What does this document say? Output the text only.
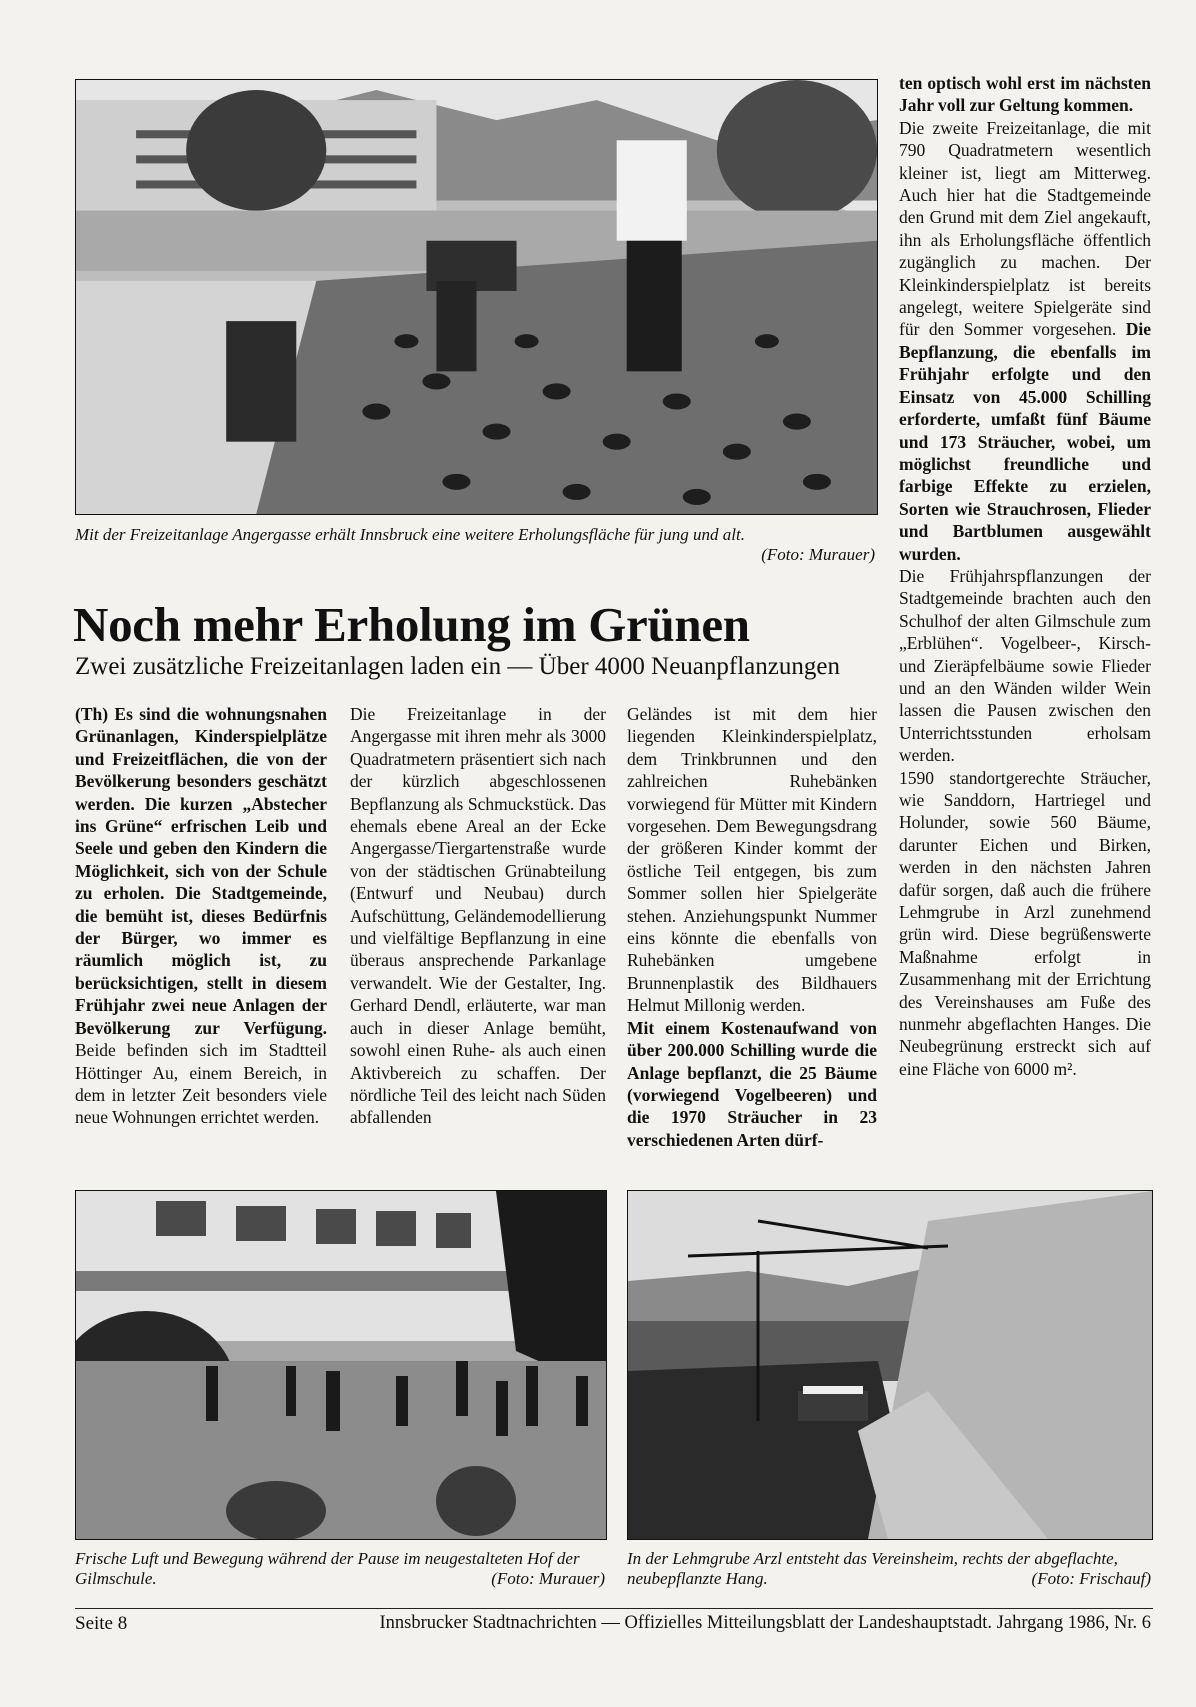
Mit der Freizeitanlage Angergasse erhält Innsbruck eine weitere Erholungsfläche für jung und alt.
(Foto: Murauer)
Noch mehr Erholung im Grünen
Zwei zusätzliche Freizeitanlagen laden ein — Über 4000 Neuanpflanzungen

(Th) Es sind die wohnungsnahen Grünanlagen, Kinderspielplätze und Freizeitflächen, die von der Bevölkerung besonders geschätzt werden. Die kurzen „Abstecher ins Grüne“ erfrischen Leib und Seele und geben den Kindern die Möglichkeit, sich von der Schule zu erholen. Die Stadtgemeinde, die bemüht ist, dieses Bedürfnis der Bürger, wo immer es räumlich möglich ist, zu berücksichtigen, stellt in diesem Frühjahr zwei neue Anlagen der Bevölkerung zur Verfügung. Beide befinden sich im Stadtteil Höttinger Au, einem Bereich, in dem in letzter Zeit besonders viele neue Wohnungen errichtet werden.

Die Freizeitanlage in der Angergasse mit ihren mehr als 3000 Quadratmetern präsentiert sich nach der kürzlich abgeschlossenen Bepflanzung als Schmuckstück. Das ehemals ebene Areal an der Ecke Angergasse/Tiergartenstraße wurde von der städtischen Grünabteilung (Entwurf und Neubau) durch Aufschüttung, Geländemodellierung und vielfältige Bepflanzung in eine überaus ansprechende Parkanlage verwandelt. Wie der Gestalter, Ing. Gerhard Dendl, erläuterte, war man auch in dieser Anlage bemüht, sowohl einen Ruhe- als auch einen Aktivbereich zu schaffen. Der nördliche Teil des leicht nach Süden abfallenden

Geländes ist mit dem hier liegenden Kleinkinderspielplatz, dem Trinkbrunnen und den zahlreichen Ruhebänken vorwiegend für Mütter mit Kindern vorgesehen. Dem Bewegungsdrang der größeren Kinder kommt der östliche Teil entgegen, bis zum Sommer sollen hier Spielgeräte stehen. Anziehungspunkt Nummer eins könnte die ebenfalls von Ruhebänken umgebene Brunnenplastik des Bildhauers Helmut Millonig werden.

Mit einem Kostenaufwand von über 200.000 Schilling wurde die Anlage bepflanzt, die 25 Bäume (vorwiegend Vogelbeeren) und die 1970 Sträucher in 23 verschiedenen Arten dürf-

ten optisch wohl erst im nächsten Jahr voll zur Geltung kommen.

Die zweite Freizeitanlage, die mit 790 Quadratmetern wesentlich kleiner ist, liegt am Mitterweg. Auch hier hat die Stadtgemeinde den Grund mit dem Ziel angekauft, ihn als Erholungsfläche öffentlich zugänglich zu machen. Der Kleinkinderspielplatz ist bereits angelegt, weitere Spielgeräte sind für den Sommer vorgesehen. Die Bepflanzung, die ebenfalls im Frühjahr erfolgte und den Einsatz von 45.000 Schilling erforderte, umfaßt fünf Bäume und 173 Sträucher, wobei, um möglichst freundliche und farbige Effekte zu erzielen, Sorten wie Strauchrosen, Flieder und Bartblumen ausgewählt wurden.

Die Frühjahrspflanzungen der Stadtgemeinde brachten auch den Schulhof der alten Gilmschule zum „Erblühen“. Vogelbeer-, Kirsch- und Zieräpfelbäume sowie Flieder und an den Wänden wilder Wein lassen die Pausen zwischen den Unterrichtsstunden erholsam werden.

1590 standortgerechte Sträucher, wie Sanddorn, Hartriegel und Holunder, sowie 560 Bäume, darunter Eichen und Birken, werden in den nächsten Jahren dafür sorgen, daß auch die frühere Lehmgrube in Arzl zunehmend grün wird. Diese begrüßenswerte Maßnahme erfolgt in Zusammenhang mit der Errichtung des Vereinshauses am Fuße des nunmehr abgeflachten Hanges. Die Neubegrünung erstreckt sich auf eine Fläche von 6000 m².

Frische Luft und Bewegung während der Pause im neugestalteten Hof der Gilmschule.	(Foto: Murauer)
In der Lehmgrube Arzl entsteht das Vereinsheim, rechts der abgeflachte, neubepflanzte Hang.	(Foto: Frischauf)
Seite 8	Innsbrucker Stadtnachrichten — Offizielles Mitteilungsblatt der Landeshauptstadt. Jahrgang 1986, Nr. 6
